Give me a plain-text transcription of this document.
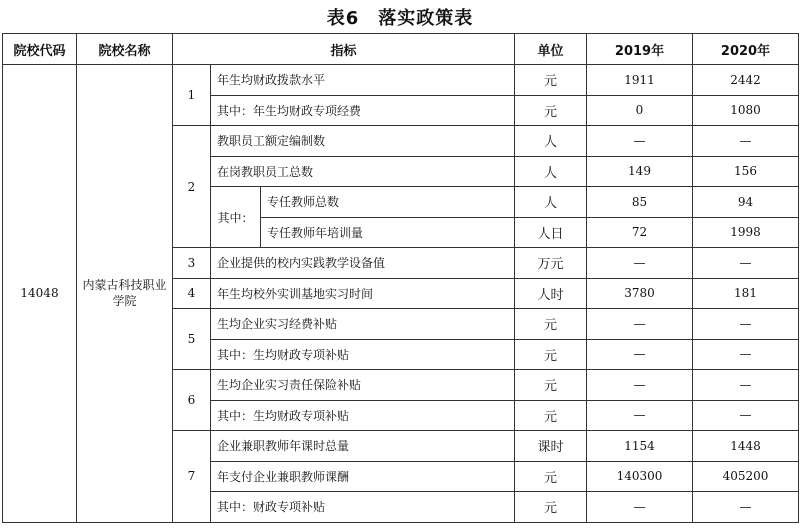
表6　落实政策表
院校代码	院校名称	指标			单位	2019年	2020年
14048	内蒙古科技职业学院	1	年生均财政拨款水平		元	1911	2442
			其中：年生均财政专项经费		元	0	1080
		2	教职员工额定编制数		人	—	—
			在岗教职员工总数		人	149	156
			其中：	专任教师总数	人	85	94
				专任教师年培训量	人日	72	1998
		3	企业提供的校内实践教学设备值		万元	—	—
		4	年生均校外实训基地实习时间		人时	3780	181
		5	生均企业实习经费补贴		元	—	—
			其中：生均财政专项补贴		元	—	—
		6	生均企业实习责任保险补贴		元	—	—
			其中：生均财政专项补贴		元	—	—
		7	企业兼职教师年课时总量		课时	1154	1448
			年支付企业兼职教师课酬		元	140300	405200
			其中：财政专项补贴		元	—	—
